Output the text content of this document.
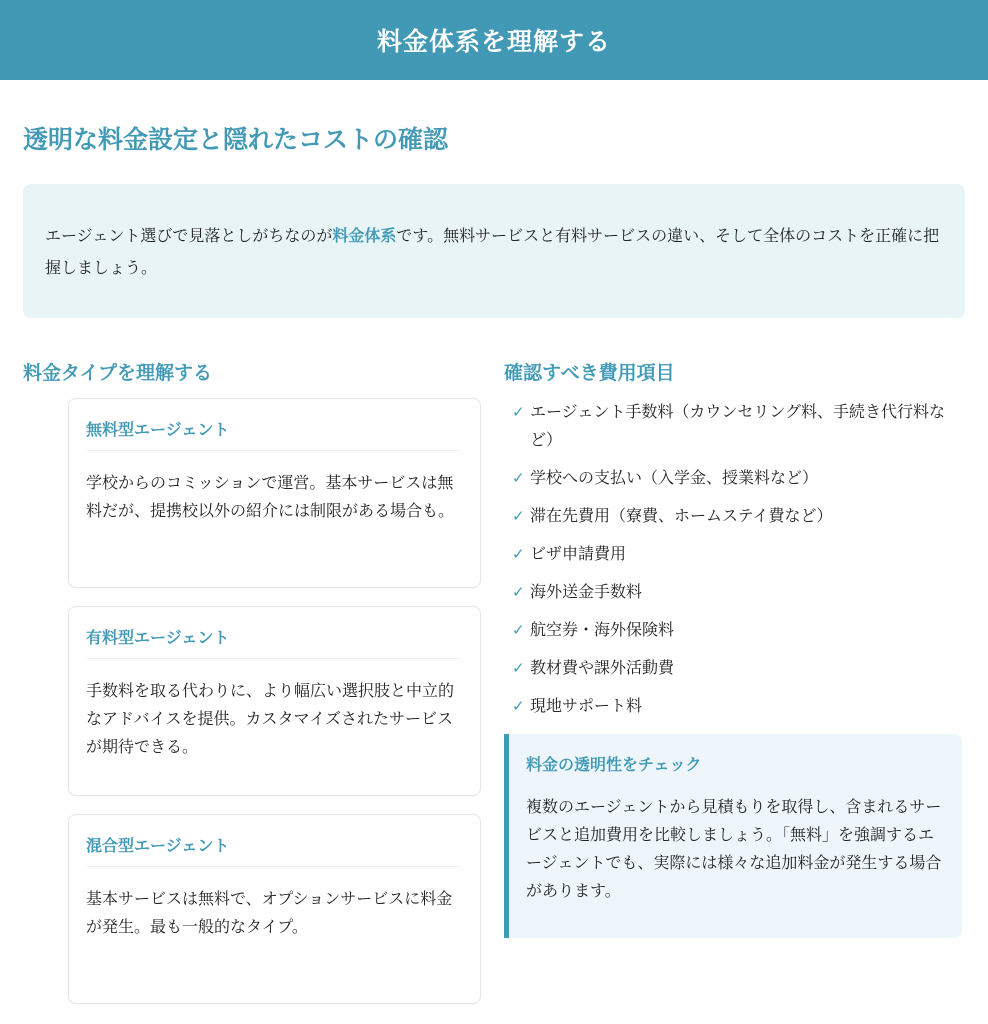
料金体系を理解する
透明な料金設定と隠れたコストの確認
エージェント選びで見落としがちなのが料金体系です。無料サービスと有料サービスの違い、そして全体のコストを正確に把握しましょう。
料金タイプを理解する
無料型エージェント
学校からのコミッションで運営。基本サービスは無料だが、提携校以外の紹介には制限がある場合も。
有料型エージェント
手数料を取る代わりに、より幅広い選択肢と中立的なアドバイスを提供。カスタマイズされたサービスが期待できる。
混合型エージェント
基本サービスは無料で、オプションサービスに料金が発生。最も一般的なタイプ。
確認すべき費用項目
✓ エージェント手数料（カウンセリング料、手続き代行料など）
✓ 学校への支払い（入学金、授業料など）
✓ 滞在先費用（寮費、ホームステイ費など）
✓ ビザ申請費用
✓ 海外送金手数料
✓ 航空券・海外保険料
✓ 教材費や課外活動費
✓ 現地サポート料
料金の透明性をチェック
複数のエージェントから見積もりを取得し、含まれるサービスと追加費用を比較しましょう。「無料」を強調するエージェントでも、実際には様々な追加料金が発生する場合があります。
